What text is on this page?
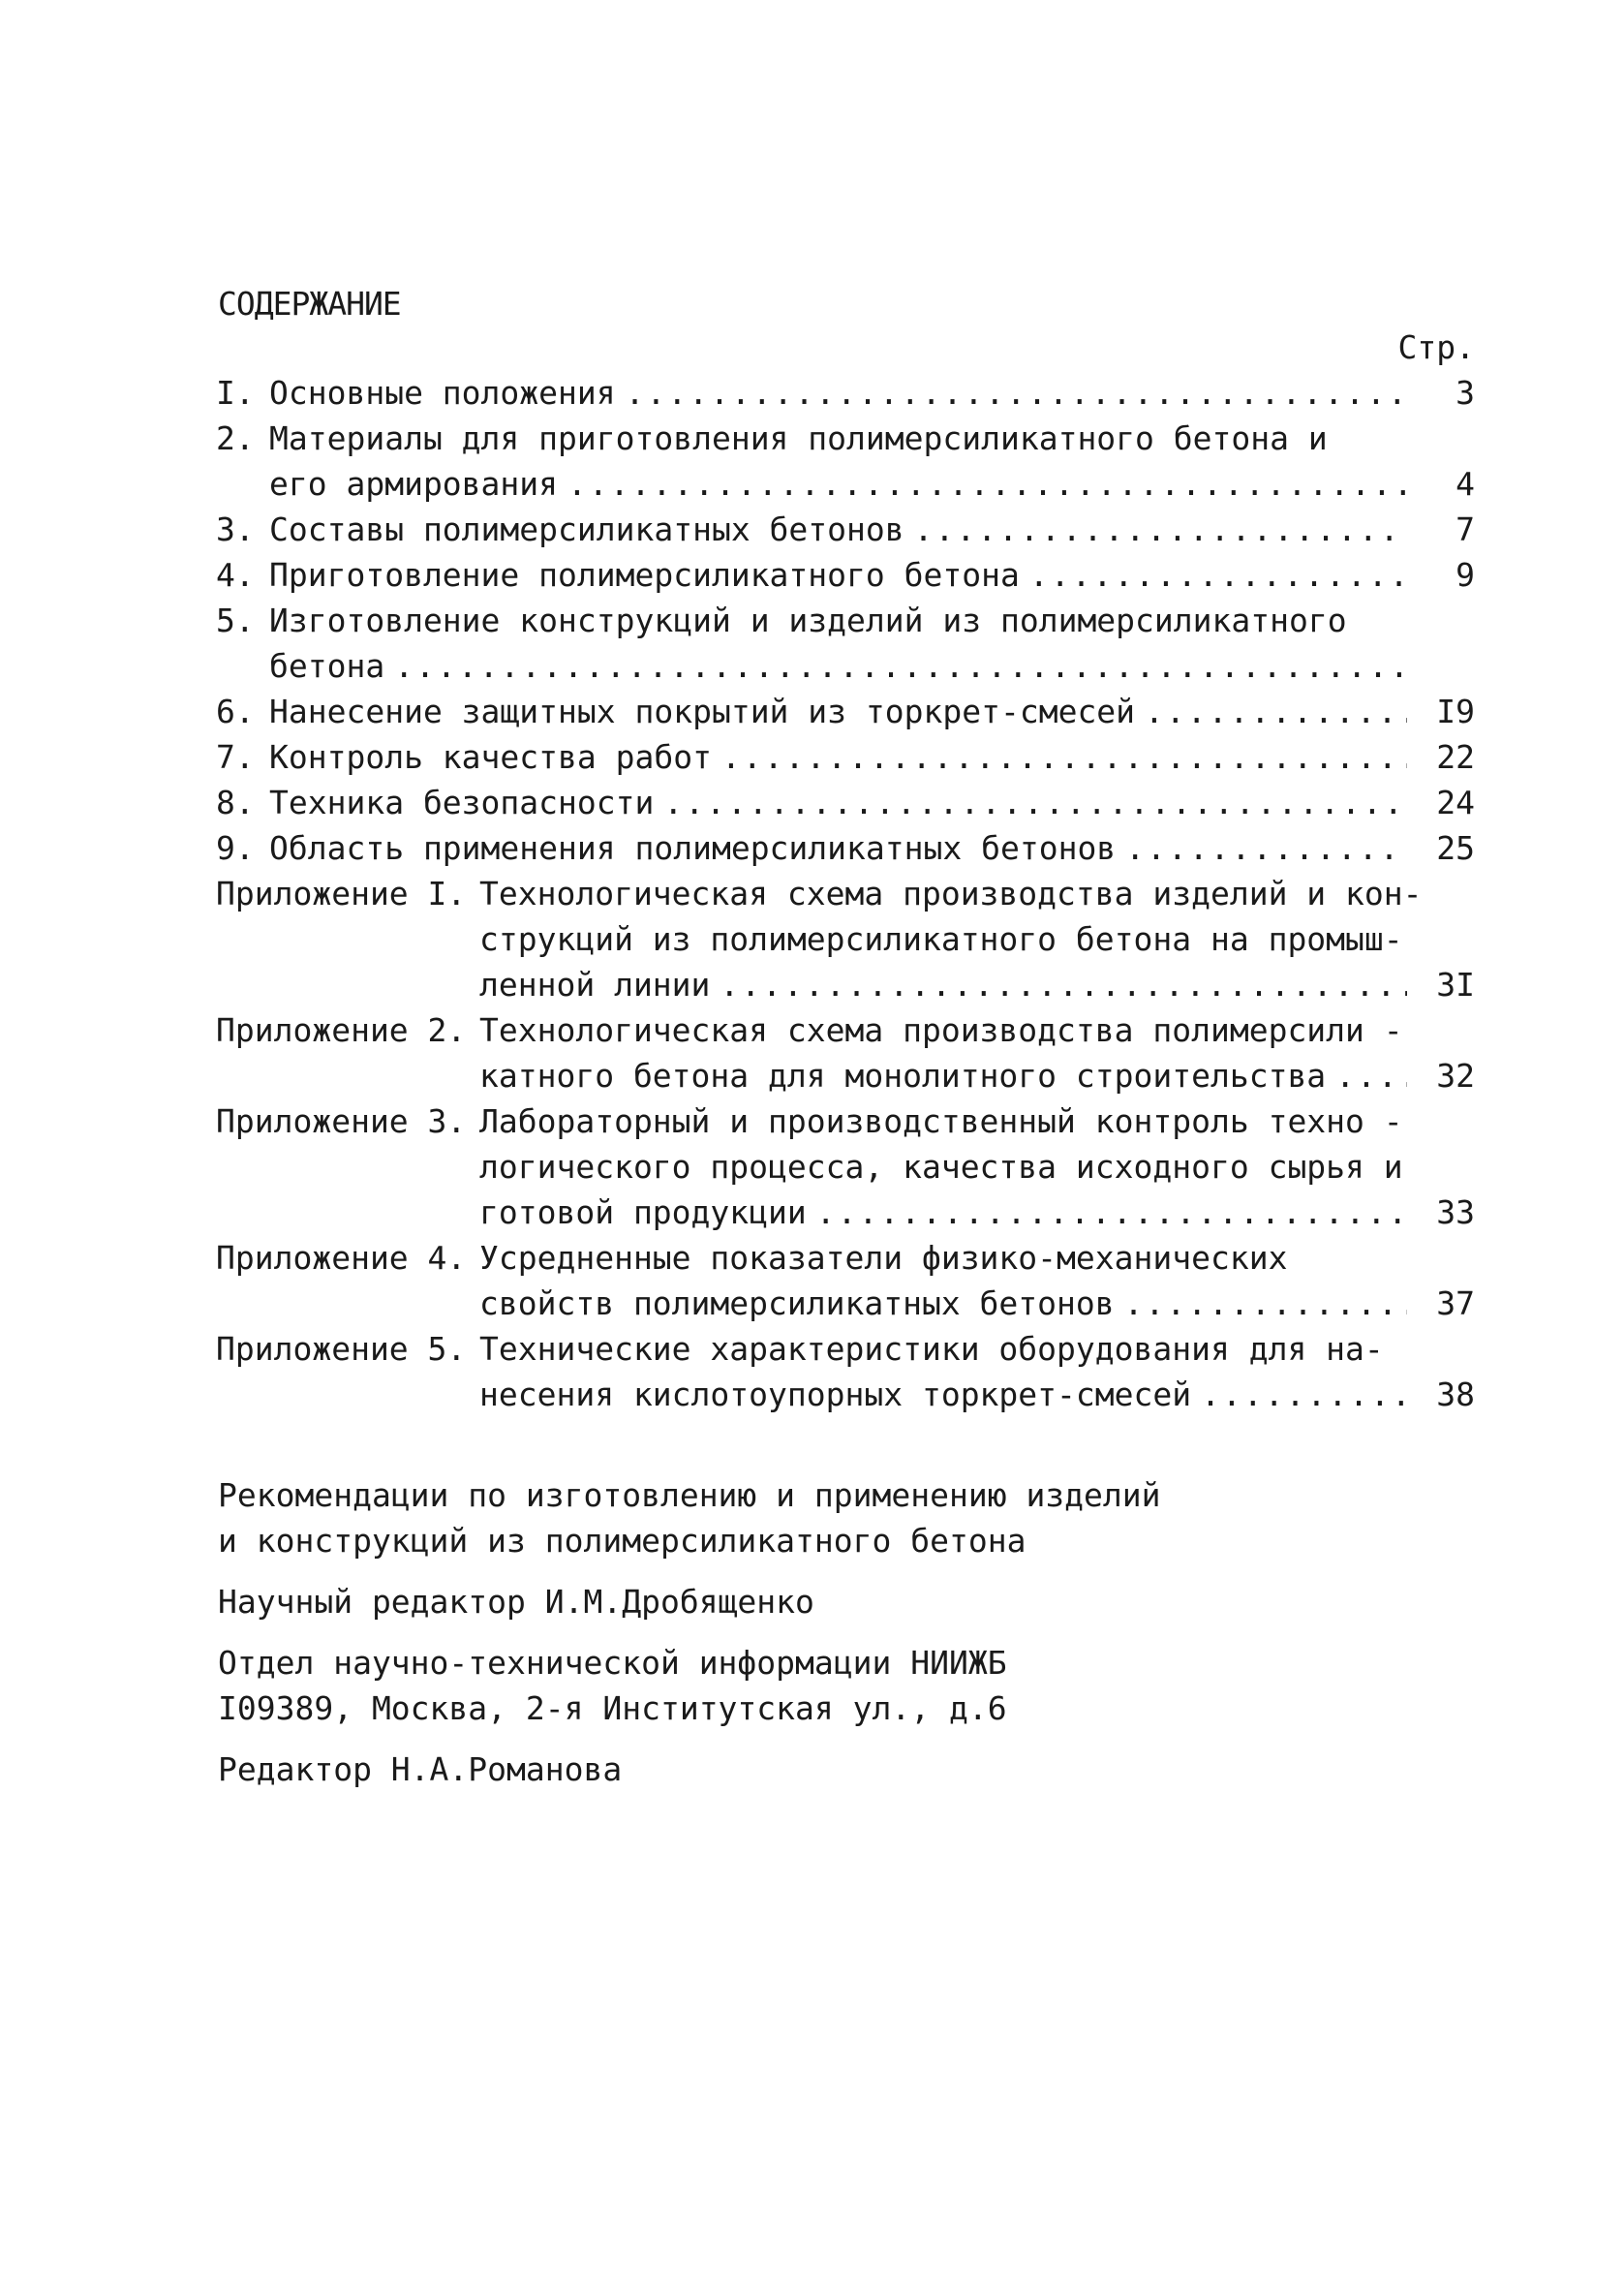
СОДЕРЖАНИЕ
Стр.
I. Основные положения .....	3
2. Материалы для приготовления полимерсиликатного бетона и
его армирования .....	4
3. Составы полимерсиликатных бетонов .....	7
4. Приготовление полимерсиликатного бетона .....	9
5. Изготовление конструкций и изделий из полимерсиликатного
бетона
.....
6. Нанесение защитных покрытий из торкрет-смесей .....	I9
7. Контроль качества работ .....	22
8. Техника безопасности .....	24
9. Область применения полимерсиликатных бетонов .....	25
Приложение I. Технологическая схема производства изделий и кон-
струкций из полимерсиликатного бетона на промыш-
ленной линии .....	3I
Приложение 2. Технологическая схема производства полимерсили -
катного бетона для монолитного строительства .....	32
Приложение 3. Лабораторный и производственный контроль техно -
логического процесса, качества исходного сырья и
готовой продукции .....	33
Приложение 4. Усредненные показатели физико-механических
свойств полимерсиликатных бетонов .....	37
Приложение 5. Технические характеристики оборудования для на-
несения кислотоупорных торкрет-смесей .....	38
Рекомендации по изготовлению и применению изделий
и конструкций из полимерсиликатного бетона
Научный редактор И.М.Дробященко
Отдел научно-технической информации НИИЖБ
I09389, Москва, 2-я Институтская ул., д.6
Редактор Н.А.Романова
